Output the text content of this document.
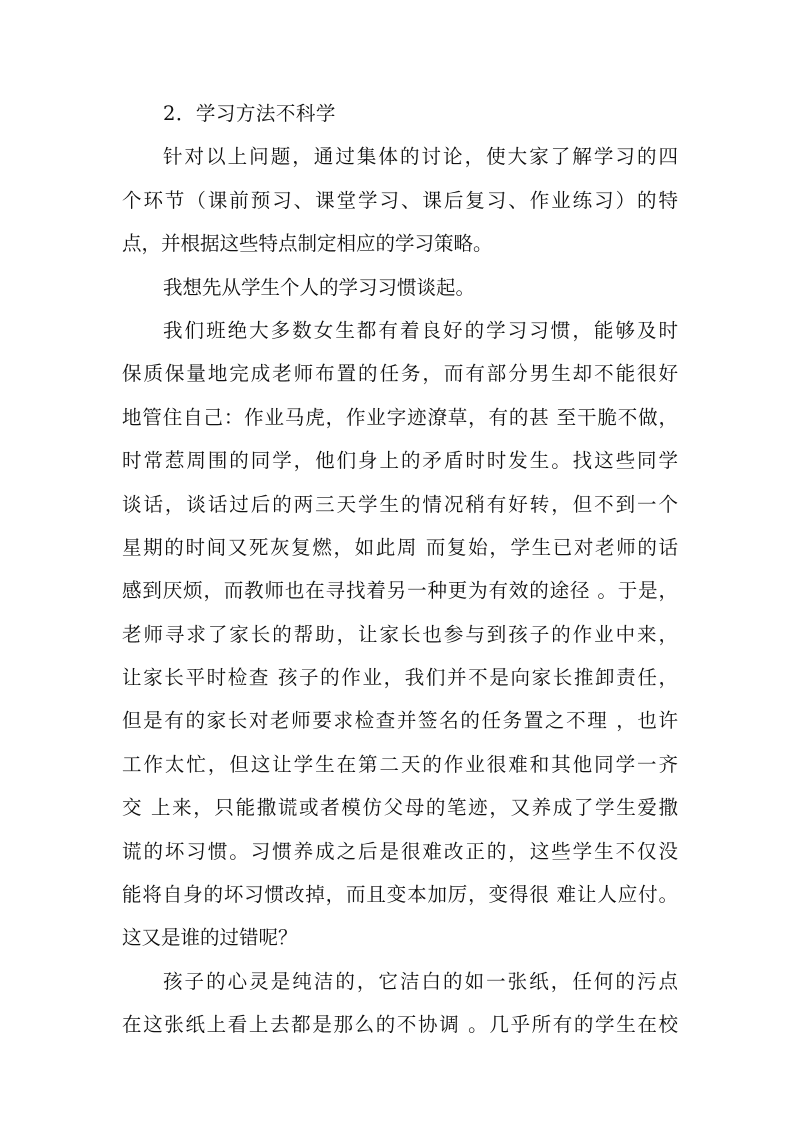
2．学习方法不科学
针对以上问题，通过集体的讨论，使大家了解学习的四
个环节（课前预习、课堂学习、课后复习、作业练习）的特
点，并根据这些特点制定相应的学习策略。
我想先从学生个人的学习习惯谈起。
我们班绝大多数女生都有着良好的学习习惯，能够及时
保质保量地完成老师布置的任务，而有部分男生却不能很好
地管住自己：作业马虎，作业字迹潦草，有的甚 至干脆不做，
时常惹周围的同学，他们身上的矛盾时时发生。找这些同学
谈话，谈话过后的两三天学生的情况稍有好转，但不到一个
星期的时间又死灰复燃，如此周 而复始，学生已对老师的话
感到厌烦，而教师也在寻找着另一种更为有效的途径 。于是，
老师寻求了家长的帮助，让家长也参与到孩子的作业中来，
让家长平时检查 孩子的作业，我们并不是向家长推卸责任，
但是有的家长对老师要求检查并签名的任务置之不理 ，也许
工作太忙，但这让学生在第二天的作业很难和其他同学一齐
交 上来，只能撒谎或者模仿父母的笔迹，又养成了学生爱撒
谎的坏习惯。习惯养成之后是很难改正的，这些学生不仅没
能将自身的坏习惯改掉，而且变本加厉，变得很 难让人应付。
这又是谁的过错呢？
孩子的心灵是纯洁的，它洁白的如一张纸，任何的污点
在这张纸上看上去都是那么的不协调 。几乎所有的学生在校
